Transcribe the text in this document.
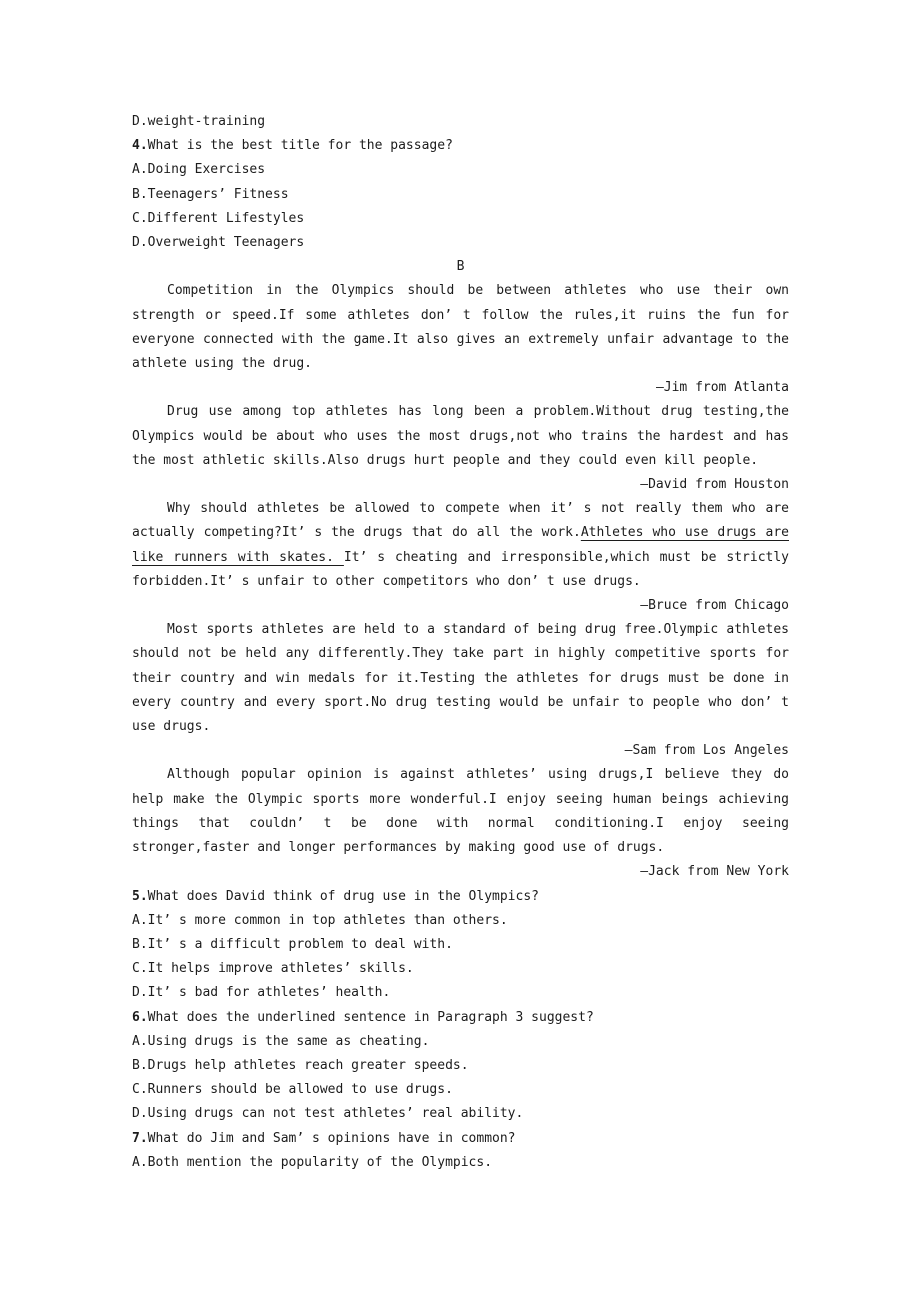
D.weight-training
4.What is the best title for the passage?
A.Doing Exercises
B.Teenagers’ Fitness
C.Different Lifestyles
D.Overweight Teenagers
B
Competition in the Olympics should be between athletes who use their own strength or speed.If some athletes don’ t follow the rules,it ruins the fun for everyone connected with the game.It also gives an extremely unfair advantage to the athlete using the drug.
—Jim from Atlanta
Drug use among top athletes has long been a problem.Without drug testing,the Olympics would be about who uses the most drugs,not who trains the hardest and has the most athletic skills.Also drugs hurt people and they could even kill people.
—David from Houston
Why should athletes be allowed to compete when it’ s not really them who are actually competing?It’ s the drugs that do all the work.Athletes who use drugs are like runners with skates. It’ s cheating and irresponsible,which must be strictly forbidden.It’ s unfair to other competitors who don’ t use drugs.
—Bruce from Chicago
Most sports athletes are held to a standard of being drug free.Olympic athletes should not be held any differently.They take part in highly competitive sports for their country and win medals for it.Testing the athletes for drugs must be done in every country and every sport.No drug testing would be unfair to people who don’ t use drugs.
—Sam from Los Angeles
Although popular opinion is against athletes’ using drugs,I believe they do help make the Olympic sports more wonderful.I enjoy seeing human beings achieving things that couldn’ t be done with normal conditioning.I enjoy seeing stronger,faster and longer performances by making good use of drugs.
—Jack from New York
5.What does David think of drug use in the Olympics?
A.It’ s more common in top athletes than others.
B.It’ s a difficult problem to deal with.
C.It helps improve athletes’ skills.
D.It’ s bad for athletes’ health.
6.What does the underlined sentence in Paragraph 3 suggest?
A.Using drugs is the same as cheating.
B.Drugs help athletes reach greater speeds.
C.Runners should be allowed to use drugs.
D.Using drugs can not test athletes’ real ability.
7.What do Jim and Sam’ s opinions have in common?
A.Both mention the popularity of the Olympics.
